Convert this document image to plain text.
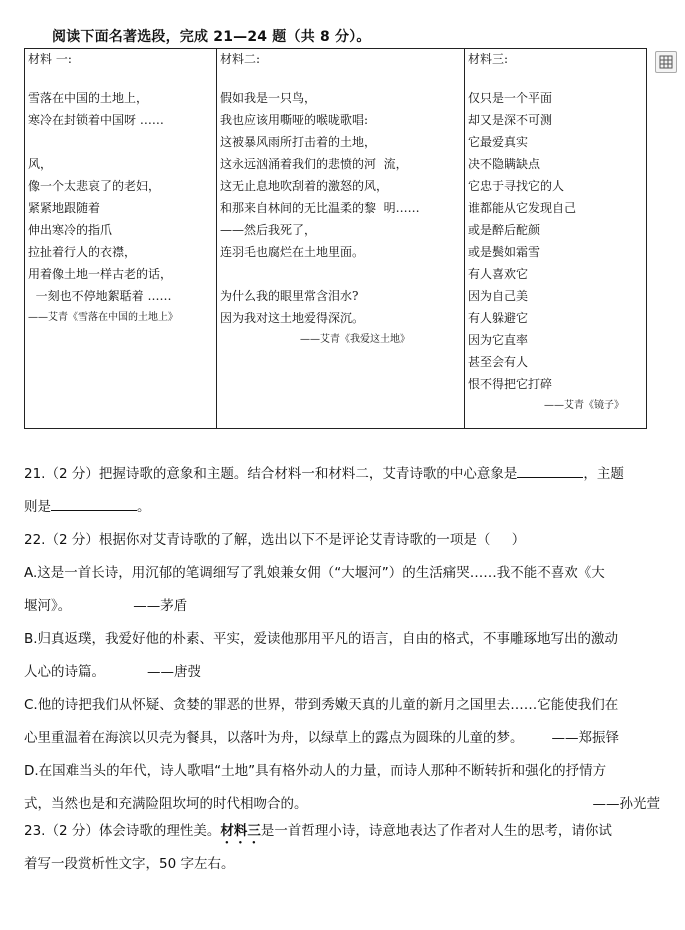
阅读下面名著选段，完成 21—24 题（共 8 分）。
材料 一:
雪落在中国的土地上，
寒冷在封锁着中国呀 ……
风，
像一个太悲哀了的老妇，
紧紧地跟随着
伸出寒冷的指爪
拉扯着行人的衣襟，
用着像土地一样古老的话，
一刻也不停地絮聒着 ……
——艾青《雪落在中国的土地上》

材料二:
假如我是一只鸟，
我也应该用嘶哑的喉咙歌唱:
这被暴风雨所打击着的土地，
这永远汹涌着我们的悲愤的河  流，
这无止息地吹刮着的激怒的风，
和那来自林间的无比温柔的黎  明……
——然后我死了，
连羽毛也腐烂在土地里面。
为什么我的眼里常含泪水?
因为我对这土地爱得深沉。
——艾青《我爱这土地》

材料三:
仅只是一个平面
却又是深不可测
它最爱真实
决不隐瞒缺点
它忠于寻找它的人
谁都能从它发现自己
或是醉后酡颜
或是鬓如霜雪
有人喜欢它
因为自己美
有人躲避它
因为它直率
甚至会有人
恨不得把它打碎
——艾青《镜子》
21.（2 分）把握诗歌的意象和主题。结合材料一和材料二，艾青诗歌的中心意象是	，主题
则是	。
22.（2 分）根据你对艾青诗歌的了解，选出以下不是评论艾青诗歌的一项是（     ）
A.这是一首长诗，用沉郁的笔调细写了乳娘兼女佣（“大堰河”）的生活痛哭……我不能不喜欢《大
堰河》。	——茅盾
B.归真返璞，我爱好他的朴素、平实，爱读他那用平凡的语言，自由的格式，不事雕琢地写出的激动
人心的诗篇。	——唐弢
C.他的诗把我们从怀疑、贪婪的罪恶的世界，带到秀嫩天真的儿童的新月之国里去……它能使我们在
心里重温着在海滨以贝壳为餐具，以落叶为舟，以绿草上的露点为圆珠的儿童的梦。 ——郑振铎
D.在国难当头的年代，诗人歌唱“土地”具有格外动人的力量，而诗人那种不断转折和强化的抒情方
式，当然也是和充满险阻坎坷的时代相吻合的。	——孙光萱
23.（2 分）体会诗歌的理性美。材料三是一首哲理小诗，诗意地表达了作者对人生的思考，请你试
着写一段赏析性文字，50 字左右。
